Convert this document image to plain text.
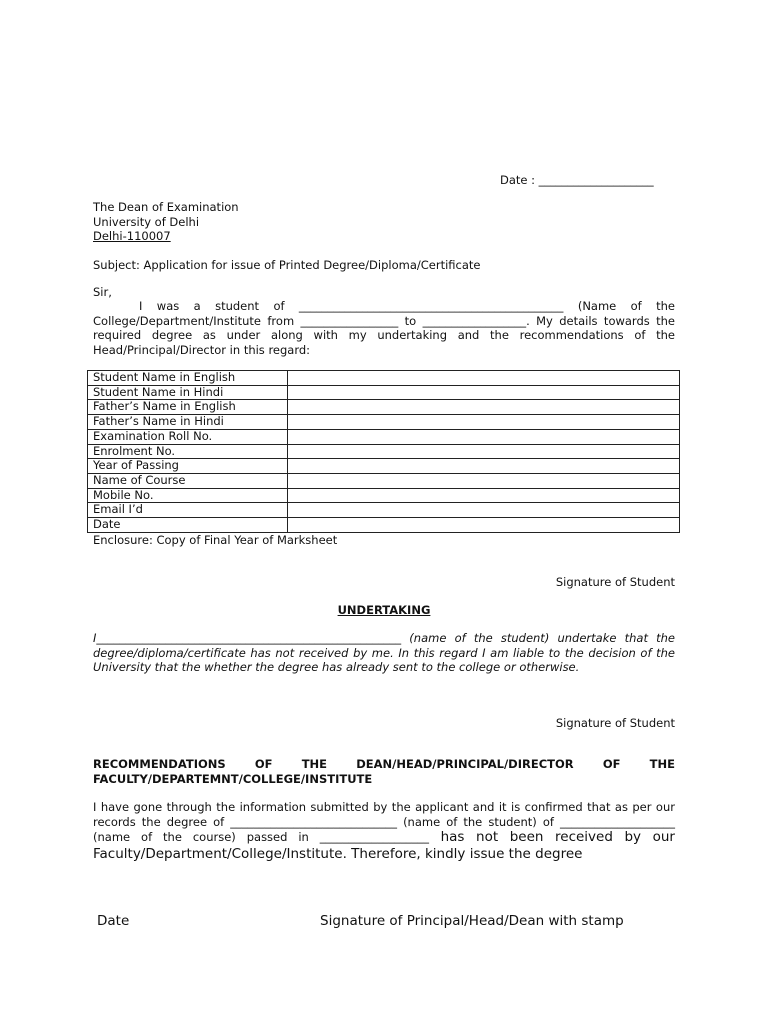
Date : ____________________
The Dean of Examination
University of Delhi
Delhi-110007
Subject: Application for issue of Printed Degree/Diploma/Certificate
Sir,
I was a student of ______________________________________________ (Name of the College/Department/Institute from _________________ to __________________. My details towards the required degree as under along with my undertaking and the recommendations of the Head/Principal/Director in this regard:
Student Name in English	
Student Name in Hindi	
Father’s Name in English	
Father’s Name in Hindi	
Examination Roll No.	
Enrolment No.	
Year of Passing	
Name of Course	
Mobile No.	
Email I’d	
Date	
Enclosure: Copy of Final Year of Marksheet
Signature of Student
UNDERTAKING
I_____________________________________________________ (name of the student) undertake that the degree/diploma/certificate has not received by me. In this regard I am liable to the decision of the University that the whether the degree has already sent to the college or otherwise.
Signature of Student
RECOMMENDATIONS OF THE DEAN/HEAD/PRINCIPAL/DIRECTOR OF THE FACULTY/DEPARTEMNT/COLLEGE/INSTITUTE
I have gone through the information submitted by the applicant and it is confirmed that as per our records the degree of _____________________________ (name of the student) of ____________________ (name of the course) passed in ___________________ has not been received by our Faculty/Department/College/Institute. Therefore, kindly issue the degree
Date	Signature of Principal/Head/Dean with stamp
